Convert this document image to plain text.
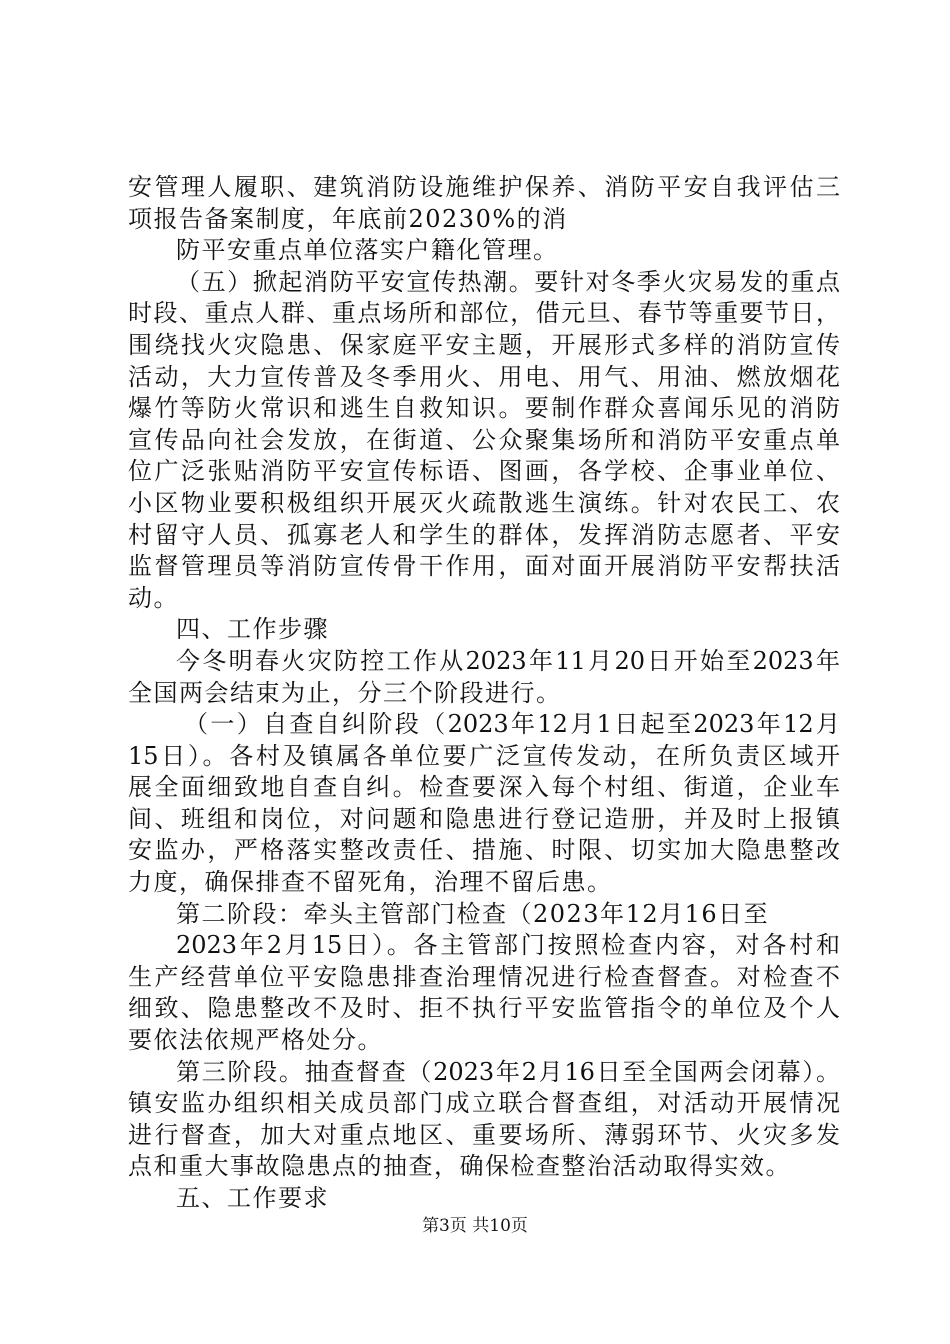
安管理人履职、建筑消防设施维护保养、消防平安自我评估三
项报告备案制度，年底前20230%的消
防平安重点单位落实户籍化管理。
（五）掀起消防平安宣传热潮。要针对冬季火灾易发的重点
时段、重点人群、重点场所和部位，借元旦、春节等重要节日，
围绕找火灾隐患、保家庭平安主题，开展形式多样的消防宣传
活动，大力宣传普及冬季用火、用电、用气、用油、燃放烟花
爆竹等防火常识和逃生自救知识。要制作群众喜闻乐见的消防
宣传品向社会发放，在街道、公众聚集场所和消防平安重点单
位广泛张贴消防平安宣传标语、图画，各学校、企事业单位、
小区物业要积极组织开展灭火疏散逃生演练。针对农民工、农
村留守人员、孤寡老人和学生的群体，发挥消防志愿者、平安
监督管理员等消防宣传骨干作用，面对面开展消防平安帮扶活
动。
四、工作步骤
今冬明春火灾防控工作从2023年11月20日开始至2023年
全国两会结束为止，分三个阶段进行。
（一）自查自纠阶段（2023年12月1日起至2023年12月
15日）。各村及镇属各单位要广泛宣传发动，在所负责区域开
展全面细致地自查自纠。检查要深入每个村组、街道，企业车
间、班组和岗位，对问题和隐患进行登记造册，并及时上报镇
安监办，严格落实整改责任、措施、时限、切实加大隐患整改
力度，确保排查不留死角，治理不留后患。
第二阶段：牵头主管部门检查（2023年12月16日至
2023年2月15日）。各主管部门按照检查内容，对各村和
生产经营单位平安隐患排查治理情况进行检查督查。对检查不
细致、隐患整改不及时、拒不执行平安监管指令的单位及个人
要依法依规严格处分。
第三阶段。抽查督查（2023年2月16日至全国两会闭幕）。
镇安监办组织相关成员部门成立联合督查组，对活动开展情况
进行督查，加大对重点地区、重要场所、薄弱环节、火灾多发
点和重大事故隐患点的抽查，确保检查整治活动取得实效。
五、工作要求
第3页 共10页
